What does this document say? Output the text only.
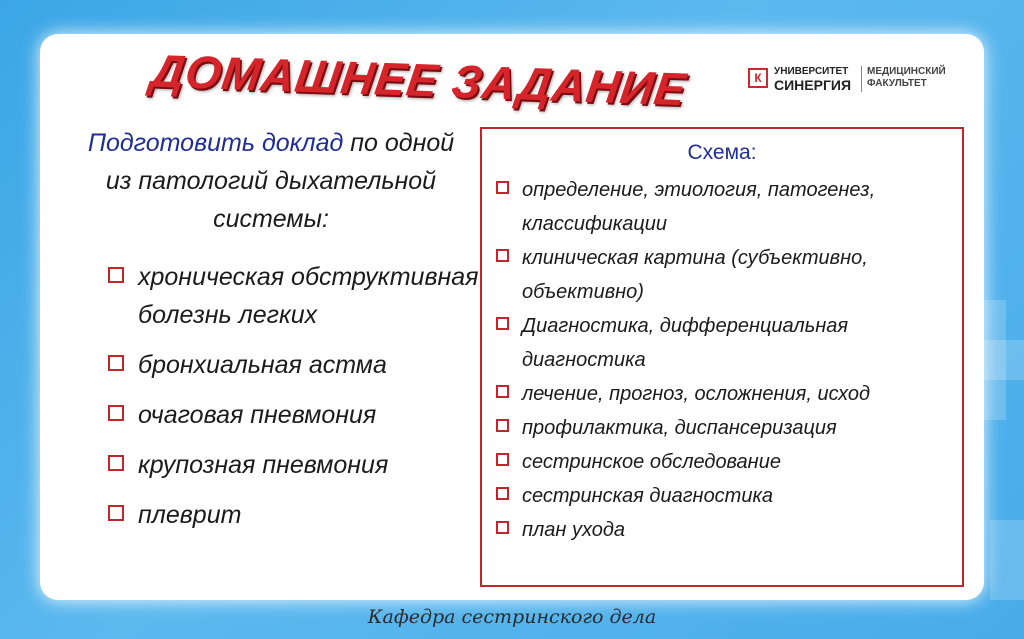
ДОМАШНЕЕ ЗАДАНИЕ	К	УНИВЕРСИТЕТ
СИНЕРГИЯ
МЕДИЦИНСКИЙ
ФАКУЛЬТЕТ
Подготовить доклад по одной из патологий дыхательной системы:
хроническая обструктивная болезнь легких
бронхиальная астма
очаговая пневмония
крупозная пневмония
плеврит
Схема:
определение, этиология, патогенез, классификации
клиническая картина (субъективно, объективно)
Диагностика, дифференциальная диагностика
лечение, прогноз, осложнения, исход
профилактика, диспансеризация
сестринское обследование
сестринская диагностика
план ухода
Кафедра сестринского дела
